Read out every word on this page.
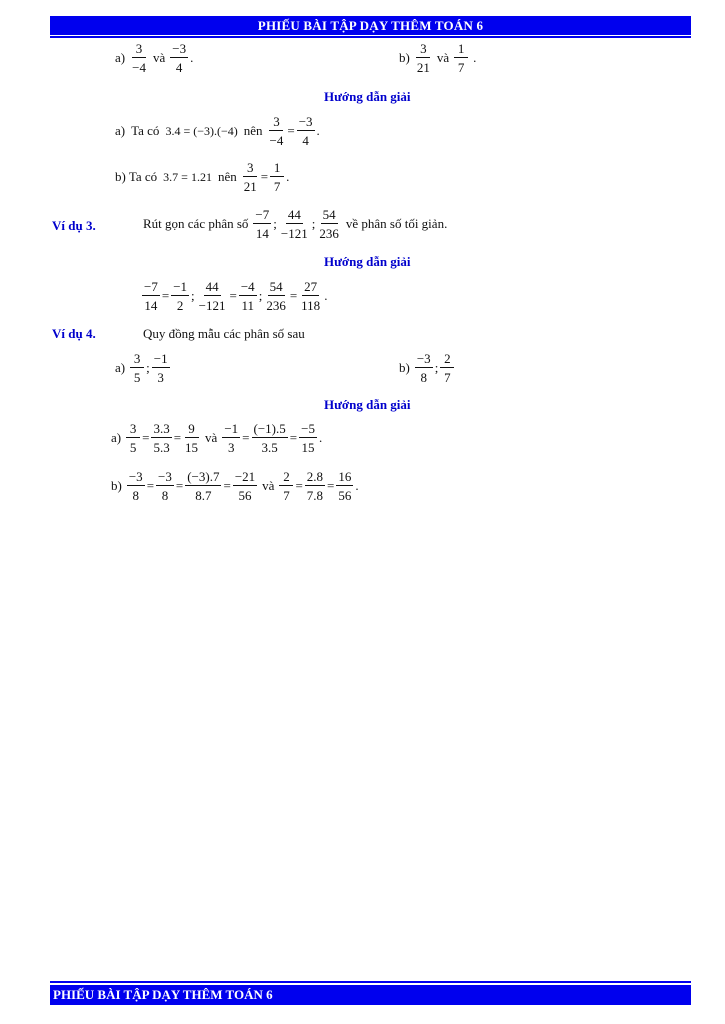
PHIẾU BÀI TẬP DẠY THÊM TOÁN 6
$a) \frac{3}{-4}$ và $\frac{-3}{4}$ .	$b) \frac{3}{21}$ và $\frac{1}{7}$ .
Hướng dẫn giải
a) Ta có 3.4 = (−3).(−4) nên $\frac{3}{-4} = \frac{-3}{4}$ .
b) Ta có 3.7 = 1.21 nên $\frac{3}{21} = \frac{1}{7}$ .
Ví dụ 3.	Rút gọn các phân số $\frac{-7}{14}$ ; $\frac{44}{-121}$ ; $\frac{54}{236}$ về phân số tối giản.
Hướng dẫn giải
$\frac{-7}{14} = \frac{-1}{2}$ ; $\frac{44}{-121} = \frac{-4}{11}$ ; $\frac{54}{236} = \frac{27}{118}$ .
Ví dụ 4.	Quy đồng mẫu các phân số sau
$a) \frac{3}{5}$ ; $\frac{-1}{3}$	$b) \frac{-3}{8}$ ; $\frac{2}{7}$
Hướng dẫn giải
$a) \frac{3}{5} = \frac{3.3}{5.3} = \frac{9}{15}$ và $\frac{-1}{3} = \frac{(-1).5}{3.5} = \frac{-5}{15}$ .
$b) \frac{-3}{8} = \frac{-3}{8} = \frac{(-3).7}{8.7} = \frac{-21}{56}$ và $\frac{2}{7} = \frac{2.8}{7.8} = \frac{16}{56}$ .
PHIẾU BÀI TẬP DẠY THÊM TOÁN 6
